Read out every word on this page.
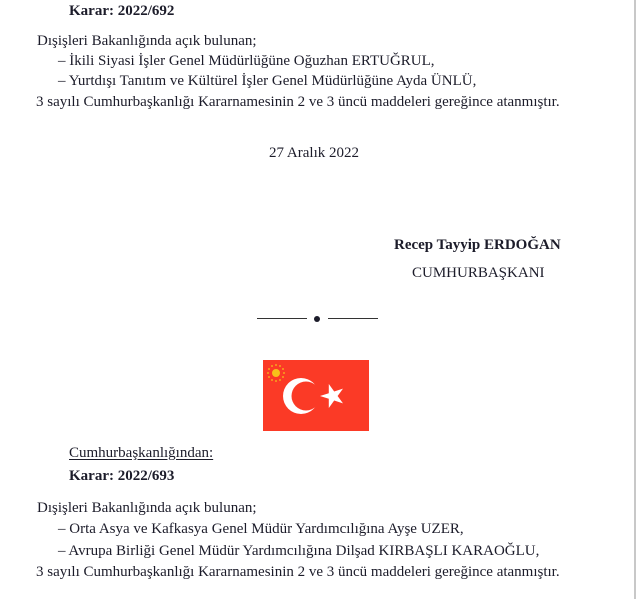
Karar: 2022/692
Dışişleri Bakanlığında açık bulunan;
– İkili Siyasi İşler Genel Müdürlüğüne Oğuzhan ERTUĞRUL,
– Yurtdışı Tanıtım ve Kültürel İşler Genel Müdürlüğüne Ayda ÜNLÜ,
3 sayılı Cumhurbaşkanlığı Kararnamesinin 2 ve 3 üncü maddeleri gereğince atanmıştır.
27 Aralık 2022
Recep Tayyip ERDOĞAN
CUMHURBAŞKANI
Cumhurbaşkanlığından:
Karar: 2022/693
Dışişleri Bakanlığında açık bulunan;
– Orta Asya ve Kafkasya Genel Müdür Yardımcılığına Ayşe UZER,
– Avrupa Birliği Genel Müdür Yardımcılığına Dilşad KIRBAŞLI KARAOĞLU,
3 sayılı Cumhurbaşkanlığı Kararnamesinin 2 ve 3 üncü maddeleri gereğince atanmıştır.
